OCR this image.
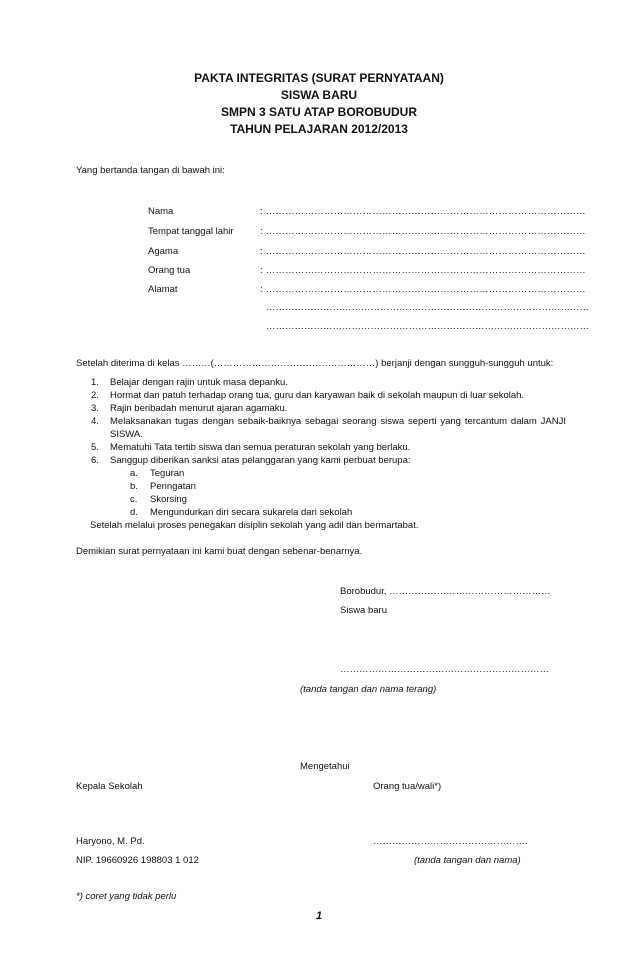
PAKTA INTEGRITAS (SURAT PERNYATAAN)
SISWA BARU
SMPN 3 SATU ATAP BOROBUDUR
TAHUN PELAJARAN 2012/2013
Yang bertanda tangan di bawah ini:
Nama	: ………………………………………………………………………………………
Tempat tanggal lahir	: ………………………………………………………………………………………
Agama	: ………………………………………………………………………………………
Orang tua	: ………………………………………………………………………………………
Alamat	: ………………………………………………………………………………………
…………………………………………………………………………………………
…………………………………………………………………………………………
Setelah diterima di kelas ………(……………………………………………) berjanji dengan sungguh-sungguh untuk:
1. Belajar dengan rajin untuk masa depanku.
2. Hormat dan patuh terhadap orang tua, guru dan karyawan baik di sekolah maupun di luar sekolah.
3. Rajin beribadah menurut ajaran agamaku.
4. Melaksanakan tugas dengan sebaik-baiknya sebagai seorang siswa seperti yang tercantum dalam JANJI SISWA.
5. Mematuhi Tata tertib siswa dan semua peraturan sekolah yang berlaku.
6. Sanggup diberikan sanksi atas pelanggaran yang kami perbuat berupa:
a. Teguran
b. Peringatan
c. Skorsing
d. Mengundurkan diri secara sukarela dari sekolah
Setelah melalui proses penegakan disiplin sekolah yang adil dan bermartabat.
Demikian surat pernyataan ini kami buat dengan sebenar-benarnya.
Borobudur, ……………………………………………
Siswa baru
…………………………………………………………
(tanda tangan dan nama terang)
Mengetahui
Kepala Sekolah	Orang tua/wali*)
Haryono, M. Pd.	………………………………………….
NIP. 19660926 198803 1 012	(tanda tangan dan nama)
*) coret yang tidak perlu
1
